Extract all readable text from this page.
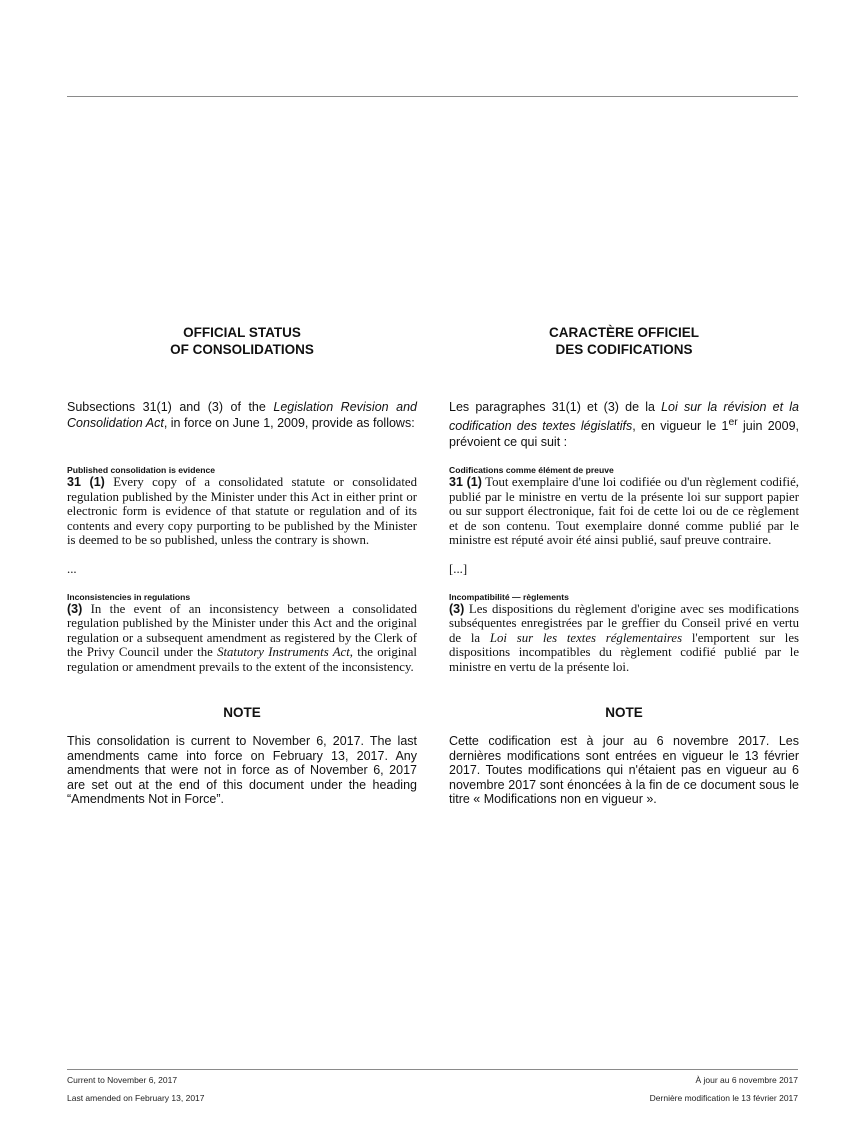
OFFICIAL STATUS
OF CONSOLIDATIONS
Subsections 31(1) and (3) of the Legislation Revision and Consolidation Act, in force on June 1, 2009, provide as follows:
Published consolidation is evidence
31 (1) Every copy of a consolidated statute or consolidated regulation published by the Minister under this Act in either print or electronic form is evidence of that statute or regulation and of its contents and every copy purporting to be published by the Minister is deemed to be so published, unless the contrary is shown.
...
Inconsistencies in regulations
(3) In the event of an inconsistency between a consolidated regulation published by the Minister under this Act and the original regulation or a subsequent amendment as registered by the Clerk of the Privy Council under the Statutory Instruments Act, the original regulation or amendment prevails to the extent of the inconsistency.
NOTE
This consolidation is current to November 6, 2017. The last amendments came into force on February 13, 2017. Any amendments that were not in force as of November 6, 2017 are set out at the end of this document under the heading “Amendments Not in Force”.
CARACTÈRE OFFICIEL
DES CODIFICATIONS
Les paragraphes 31(1) et (3) de la Loi sur la révision et la codification des textes législatifs, en vigueur le 1er juin 2009, prévoient ce qui suit :
Codifications comme élément de preuve
31 (1) Tout exemplaire d'une loi codifiée ou d'un règlement codifié, publié par le ministre en vertu de la présente loi sur support papier ou sur support électronique, fait foi de cette loi ou de ce règlement et de son contenu. Tout exemplaire donné comme publié par le ministre est réputé avoir été ainsi publié, sauf preuve contraire.
[...]
Incompatibilité — règlements
(3) Les dispositions du règlement d'origine avec ses modifications subséquentes enregistrées par le greffier du Conseil privé en vertu de la Loi sur les textes réglementaires l'emportent sur les dispositions incompatibles du règlement codifié publié par le ministre en vertu de la présente loi.
NOTE
Cette codification est à jour au 6 novembre 2017. Les dernières modifications sont entrées en vigueur le 13 février 2017. Toutes modifications qui n'étaient pas en vigueur au 6 novembre 2017 sont énoncées à la fin de ce document sous le titre « Modifications non en vigueur ».
Current to November 6, 2017
Last amended on February 13, 2017
À jour au 6 novembre 2017
Dernière modification le 13 février 2017
